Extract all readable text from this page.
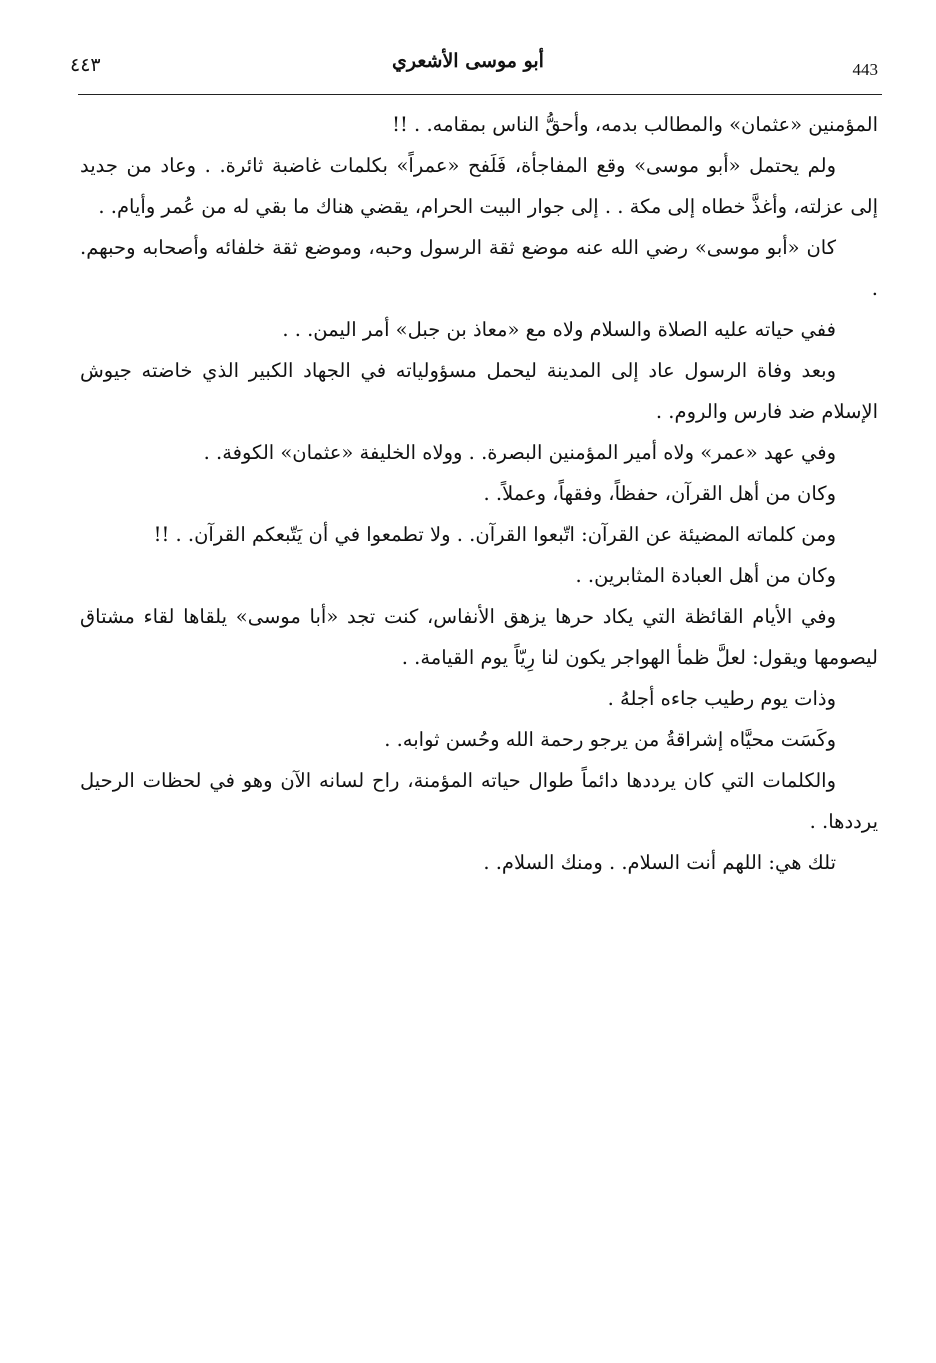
٤٤٣	أبو موسى الأشعري	443

المؤمنين «عثمان» والمطالب بدمه، وأحقُّ الناس بمقامه. . !!

ولم يحتمل «أبو موسى» وقع المفاجأة، فَلَفح «عمراً» بكلمات غاضبة ثائرة. . وعاد من جديد إلى عزلته، وأغذَّ خطاه إلى مكة . . إلى جوار البيت الحرام، يقضي هناك ما بقي له من عُمر وأيام. .

كان «أبو موسى» رضي الله عنه موضع ثقة الرسول وحبه، وموضع ثقة خلفائه وأصحابه وحبهم. .

ففي حياته عليه الصلاة والسلام ولاه مع «معاذ بن جبل» أمر اليمن. . .

وبعد وفاة الرسول عاد إلى المدينة ليحمل مسؤولياته في الجهاد الكبير الذي خاضته جيوش الإسلام ضد فارس والروم. .

وفي عهد «عمر» ولاه أمير المؤمنين البصرة. . وولاه الخليفة «عثمان» الكوفة. .

وكان من أهل القرآن، حفظاً، وفقهاً، وعملاً. .

ومن كلماته المضيئة عن القرآن: اتّبعوا القرآن. . ولا تطمعوا في أن يَتّبعكم القرآن. . !!

وكان من أهل العبادة المثابرين. .

وفي الأيام القائظة التي يكاد حرها يزهق الأنفاس، كنت تجد «أبا موسى» يلقاها لقاء مشتاق ليصومها ويقول: لعلَّ ظمأ الهواجر يكون لنا رِيّاً يوم القيامة. .

وذات يوم رطيب جاءه أجلهُ .

وكَسَت محيَّاه إشراقةُ من يرجو رحمة الله وحُسن ثوابه. .

والكلمات التي كان يرددها دائماً طوال حياته المؤمنة، راح لسانه الآن وهو في لحظات الرحيل يرددها. .

تلك هي: اللهم أنت السلام. . ومنك السلام. .
